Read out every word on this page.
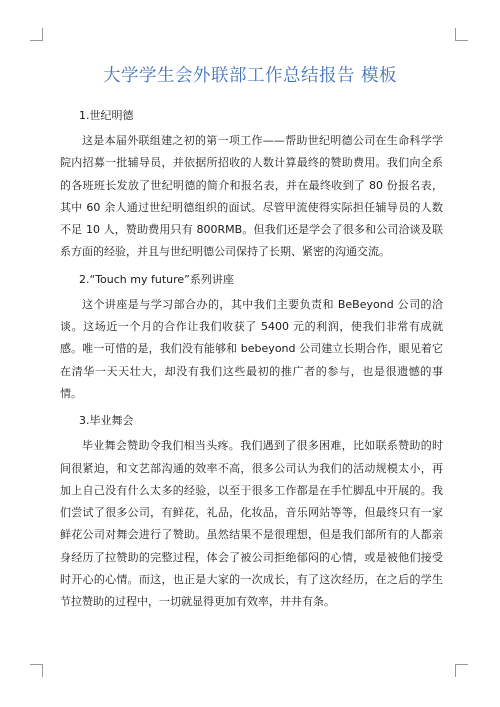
大学学生会外联部工作总结报告 模板
1.世纪明德

这是本届外联组建之初的第一项工作——帮助世纪明德公司在生命科学学院内招募一批辅导员，并依据所招收的人数计算最终的赞助费用。我们向全系的各班班长发放了世纪明德的简介和报名表，并在最终收到了 80 份报名表，其中 60 余人通过世纪明德组织的面试。尽管甲流使得实际担任辅导员的人数不足 10 人，赞助费用只有 800RMB。但我们还是学会了很多和公司洽谈及联系方面的经验，并且与世纪明德公司保持了长期、紧密的沟通交流。

2.“Touch my future”系列讲座

这个讲座是与学习部合办的，其中我们主要负责和 BeBeyond 公司的洽谈。这场近一个月的合作让我们收获了 5400 元的利润，使我们非常有成就感。唯一可惜的是，我们没有能够和 bebeyond 公司建立长期合作，眼见着它在清华一天天壮大，却没有我们这些最初的推广者的参与，也是很遗憾的事情。

3.毕业舞会

毕业舞会赞助令我们相当头疼。我们遇到了很多困难，比如联系赞助的时间很紧迫，和文艺部沟通的效率不高，很多公司认为我们的活动规模太小，再加上自己没有什么太多的经验，以至于很多工作都是在手忙脚乱中开展的。我们尝试了很多公司，有鲜花，礼品，化妆品，音乐网站等等，但最终只有一家鲜花公司对舞会进行了赞助。虽然结果不是很理想，但是我们部所有的人都亲身经历了拉赞助的完整过程，体会了被公司拒绝郁闷的心情，或是被他们接受时开心的心情。而这，也正是大家的一次成长，有了这次经历，在之后的学生节拉赞助的过程中，一切就显得更加有效率，井井有条。
